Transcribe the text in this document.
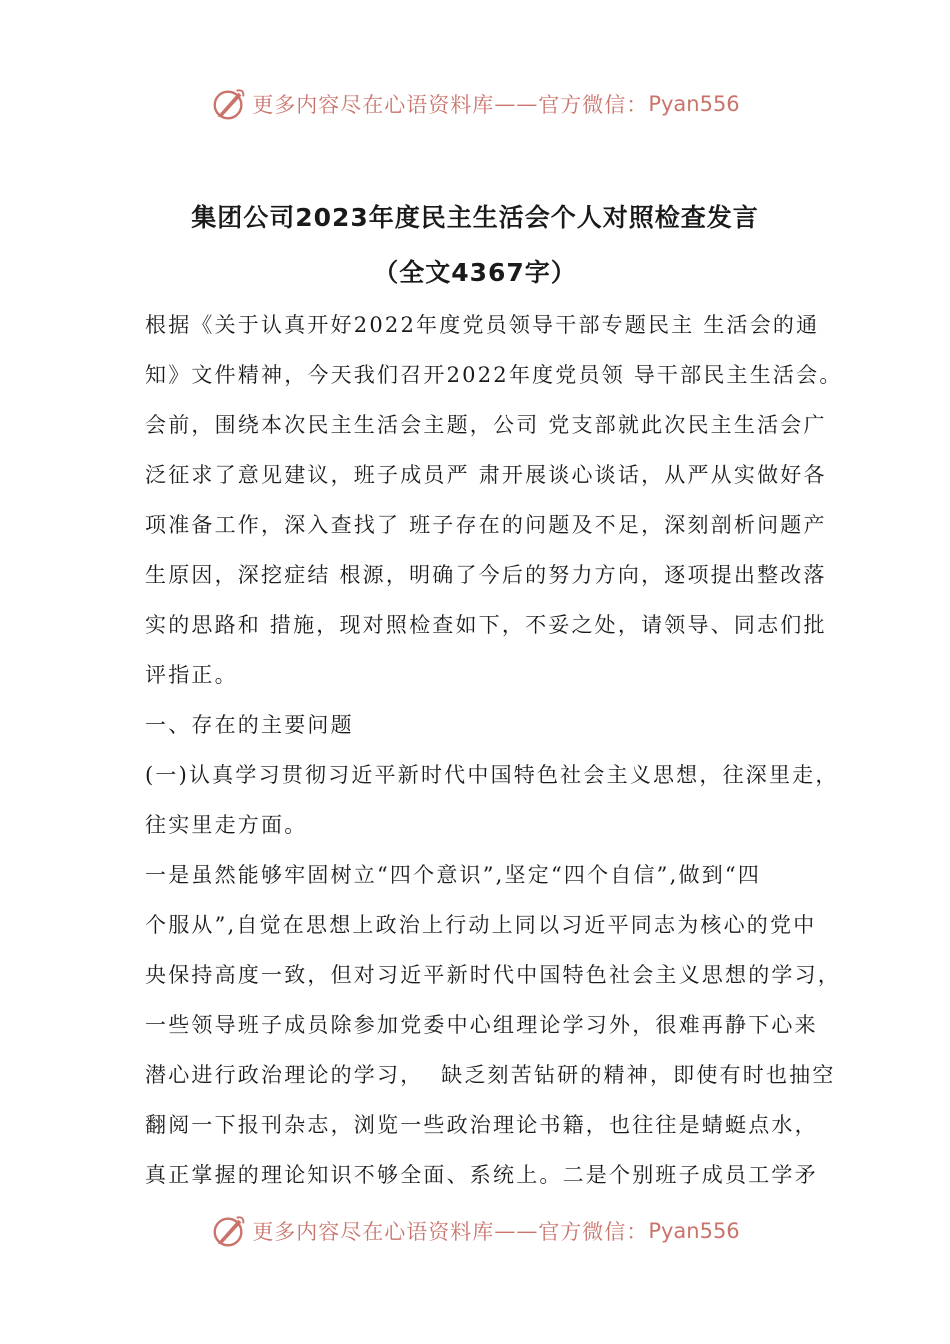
更多内容尽在心语资料库 —— 官方微信： Pyan556
集团公司2023年度民主生活会个人对照检查发言
（全文4367字）
根据《关于认真开好2022年度党员领导干部专题民主 生活会的通
知》文件精神，今天我们召开2022年度党员领 导干部民主生活会。
会前，围绕本次民主生活会主题，公司 党支部就此次民主生活会广
泛征求了意见建议，班子成员严 肃开展谈心谈话，从严从实做好各
项准备工作，深入查找了 班子存在的问题及不足，深刻剖析问题产
生原因，深挖症结 根源，明确了今后的努力方向，逐项提出整改落
实的思路和 措施，现对照检查如下，不妥之处，请领导、同志们批
评指正。
一、存在的主要问题
(一)认真学习贯彻习近平新时代中国特色社会主义思想，往深里走，
往实里走方面。
一是虽然能够牢固树立“四个意识”,坚定“四个自信”,做到“四
个服从”,自觉在思想上政治上行动上同以习近平同志为核心的党中
央保持高度一致，但对习近平新时代中国特色社会主义思想的学习，
一些领导班子成员除参加党委中心组理论学习外，很难再静下心来
潜心进行政治理论的学习，  缺乏刻苦钻研的精神，即使有时也抽空
翻阅一下报刊杂志，浏览一些政治理论书籍，也往往是蜻蜓点水，
真正掌握的理论知识不够全面、系统上。二是个别班子成员工学矛
更多内容尽在心语资料库 —— 官方微信： Pyan556
